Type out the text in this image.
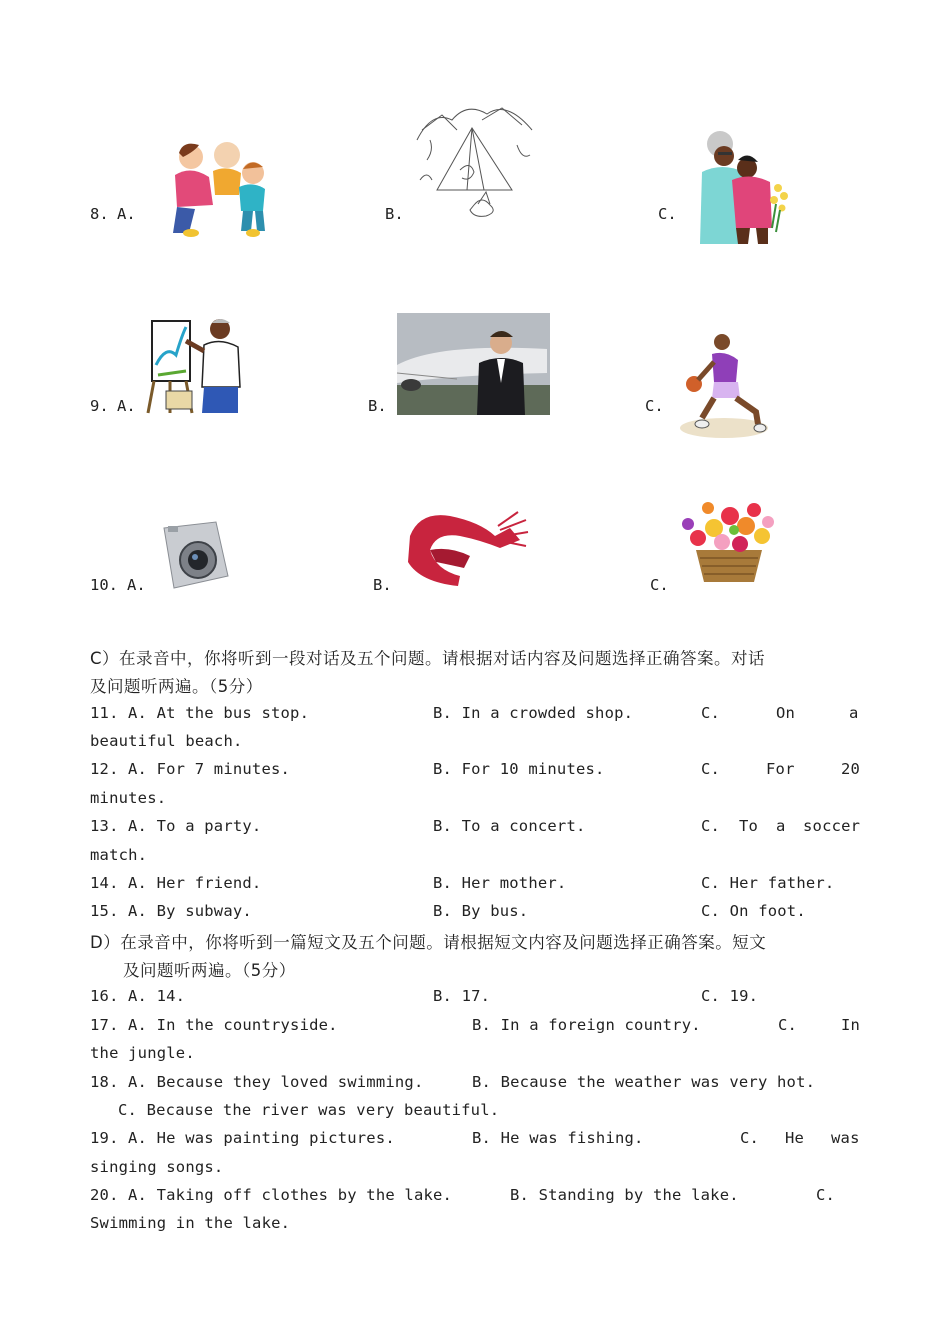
8. A.	B.	C.
9. A.	B.	C.
10. A.	B.	C.
C）在录音中，你将听到一段对话及五个问题。请根据对话内容及问题选择正确答案。对话
及问题听两遍。（5分）
11. A. At the bus stop.	B. In a crowded shop.	C.	On	a
beautiful beach.
12. A. For 7 minutes.	B. For 10 minutes.	C.	For	20
minutes.
13. A. To a party.	B. To a concert.	C. To a soccer
match.
14. A. Her friend.	B. Her mother.	C. Her father.
15. A. By subway.	B. By bus.	C. On foot.
D）在录音中，你将听到一篇短文及五个问题。请根据短文内容及问题选择正确答案。短文
及问题听两遍。（5分）
16. A. 14.	B. 17.	C. 19.
17. A. In the countryside.	B. In a foreign country.	C.	In
the jungle.
18. A. Because they loved swimming.	B. Because the weather was very hot.
C. Because the river was very beautiful.
19. A. He was painting pictures.	B. He was fishing.	C. He was
singing songs.
20. A. Taking off clothes by the lake.	B. Standing by the lake.	C.
Swimming in the lake.
